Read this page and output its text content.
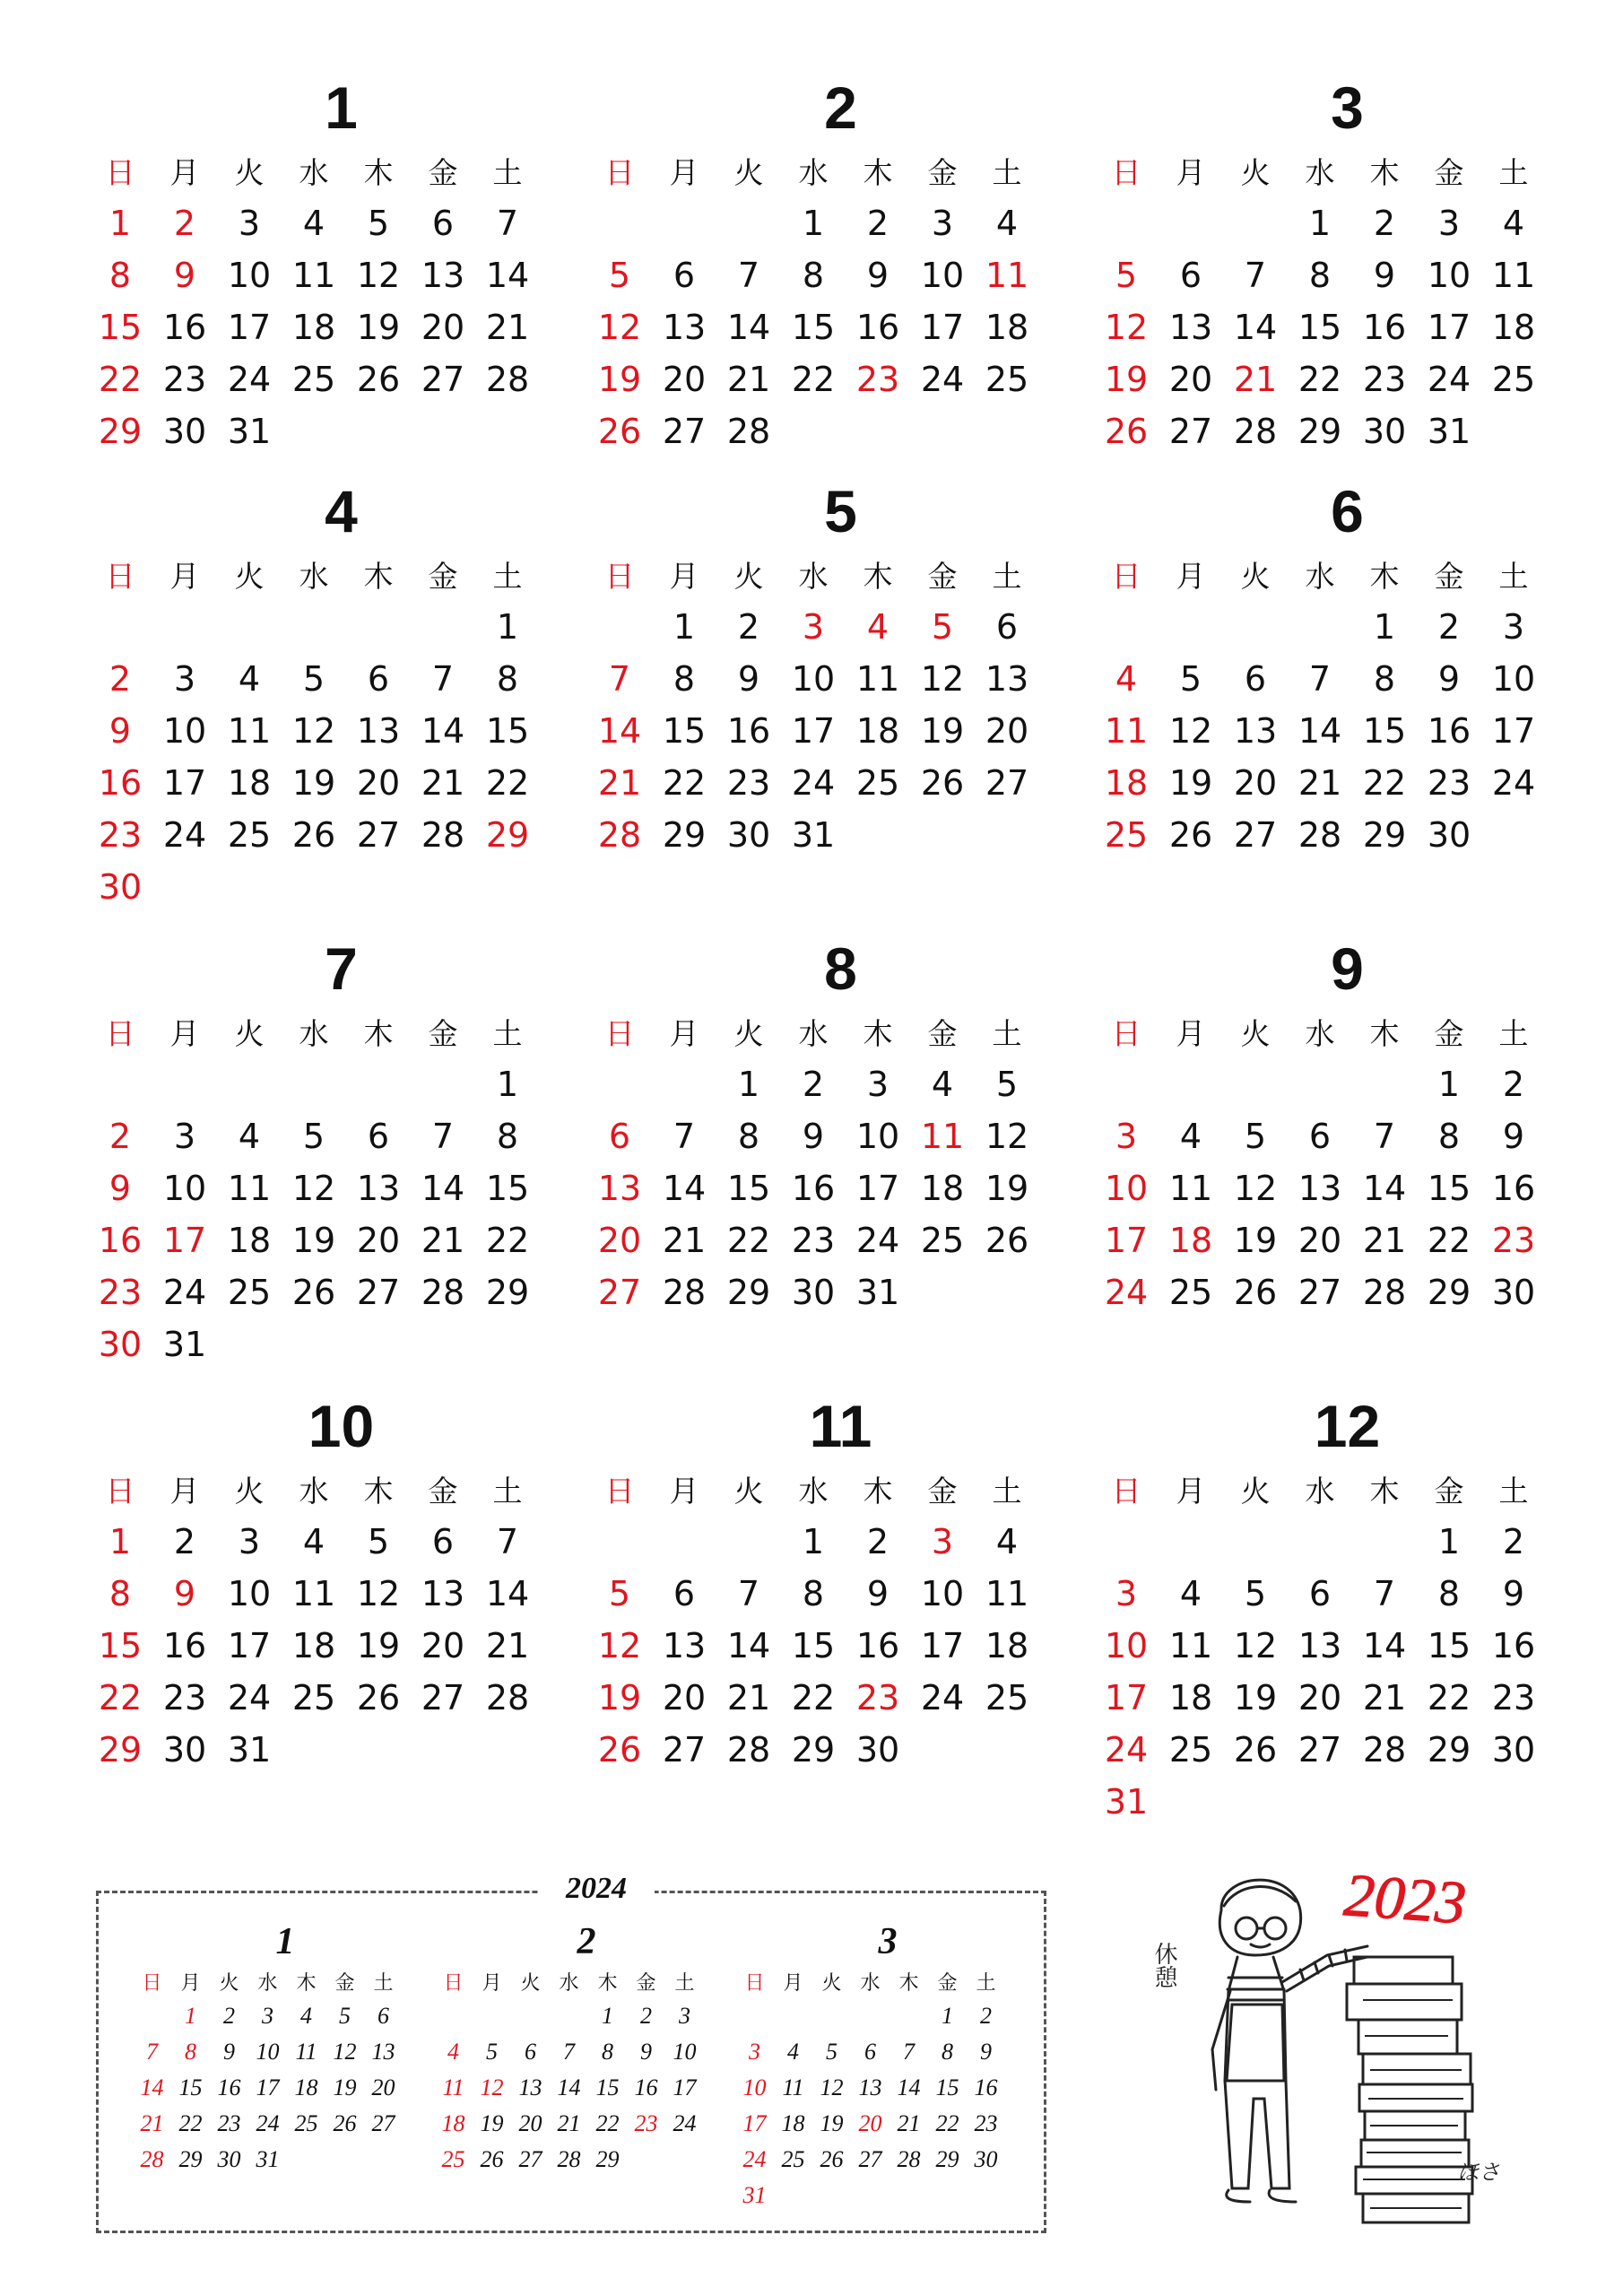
1
日 月 火 水 木 金 土
1 2 3 4 5 6 7
8 9 10 11 12 13 14
15 16 17 18 19 20 21
22 23 24 25 26 27 28
29 30 31
2
日 月 火 水 木 金 土
1 2 3 4
5 6 7 8 9 10 11
12 13 14 15 16 17 18
19 20 21 22 23 24 25
26 27 28
3
日 月 火 水 木 金 土
1 2 3 4
5 6 7 8 9 10 11
12 13 14 15 16 17 18
19 20 21 22 23 24 25
26 27 28 29 30 31
4
日 月 火 水 木 金 土
1
2 3 4 5 6 7 8
9 10 11 12 13 14 15
16 17 18 19 20 21 22
23 24 25 26 27 28 29
30
5
日 月 火 水 木 金 土
1 2 3 4 5 6
7 8 9 10 11 12 13
14 15 16 17 18 19 20
21 22 23 24 25 26 27
28 29 30 31
6
日 月 火 水 木 金 土
1 2 3
4 5 6 7 8 9 10
11 12 13 14 15 16 17
18 19 20 21 22 23 24
25 26 27 28 29 30
7
日 月 火 水 木 金 土
1
2 3 4 5 6 7 8
9 10 11 12 13 14 15
16 17 18 19 20 21 22
23 24 25 26 27 28 29
30 31
8
日 月 火 水 木 金 土
1 2 3 4 5
6 7 8 9 10 11 12
13 14 15 16 17 18 19
20 21 22 23 24 25 26
27 28 29 30 31
9
日 月 火 水 木 金 土
1 2
3 4 5 6 7 8 9
10 11 12 13 14 15 16
17 18 19 20 21 22 23
24 25 26 27 28 29 30
10
日 月 火 水 木 金 土
1 2 3 4 5 6 7
8 9 10 11 12 13 14
15 16 17 18 19 20 21
22 23 24 25 26 27 28
29 30 31
11
日 月 火 水 木 金 土
1 2 3 4
5 6 7 8 9 10 11
12 13 14 15 16 17 18
19 20 21 22 23 24 25
26 27 28 29 30
12
日 月 火 水 木 金 土
1 2
3 4 5 6 7 8 9
10 11 12 13 14 15 16
17 18 19 20 21 22 23
24 25 26 27 28 29 30
31
2024
1
日 月 火 水 木 金 土
1 2 3 4 5 6
7 8 9 10 11 12 13
14 15 16 17 18 19 20
21 22 23 24 25 26 27
28 29 30 31
2
日 月 火 水 木 金 土
1 2 3
4 5 6 7 8 9 10
11 12 13 14 15 16 17
18 19 20 21 22 23 24
25 26 27 28 29
3
日 月 火 水 木 金 土
1 2
3 4 5 6 7 8 9
10 11 12 13 14 15 16
17 18 19 20 21 22 23
24 25 26 27 28 29 30
31
2023
休憩
ほさ
